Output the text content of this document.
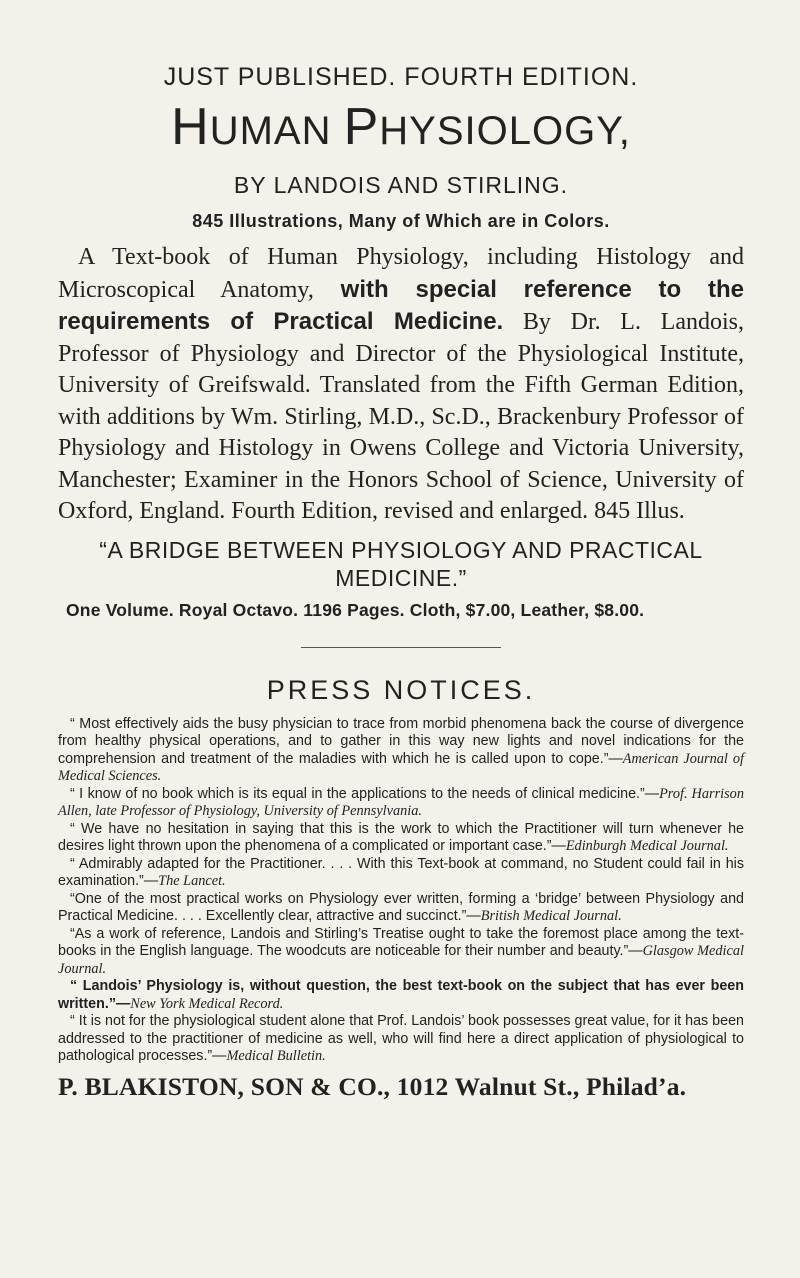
JUST PUBLISHED. FOURTH EDITION.
HUMAN PHYSIOLOGY,
BY LANDOIS AND STIRLING.
845 Illustrations, Many of Which are in Colors.
A Text-book of Human Physiology, including Histology and Microscopical Anatomy, with special reference to the requirements of Practical Medicine. By Dr. L. Landois, Professor of Physiology and Director of the Physiological Institute, University of Greifswald. Translated from the Fifth German Edition, with additions by Wm. Stirling, M.D., Sc.D., Brackenbury Professor of Physiology and Histology in Owens College and Victoria University, Manchester; Examiner in the Honors School of Science, University of Oxford, England. Fourth Edition, revised and enlarged. 845 Illus.
“A BRIDGE BETWEEN PHYSIOLOGY AND PRACTICAL MEDICINE.”
One Volume. Royal Octavo. 1196 Pages. Cloth, $7.00, Leather, $8.00.
PRESS NOTICES.

“ Most effectively aids the busy physician to trace from morbid phenomena back the course of divergence from healthy physical operations, and to gather in this way new lights and novel indications for the comprehension and treatment of the maladies with which he is called upon to cope.”—American Journal of Medical Sciences.

“ I know of no book which is its equal in the applications to the needs of clinical medicine.”—Prof. Harrison Allen, late Professor of Physiology, University of Pennsylvania.

“ We have no hesitation in saying that this is the work to which the Practitioner will turn whenever he desires light thrown upon the phenomena of a complicated or important case.”—Edinburgh Medical Journal.

“ Admirably adapted for the Practitioner. . . . With this Text-book at command, no Student could fail in his examination.”—The Lancet.

“One of the most practical works on Physiology ever written, forming a ‘bridge’ between Physiology and Practical Medicine. . . . Excellently clear, attractive and succinct.”—British Medical Journal.

“As a work of reference, Landois and Stirling’s Treatise ought to take the foremost place among the text-books in the English language. The woodcuts are noticeable for their number and beauty.”—Glasgow Medical Journal.

“ Landois’ Physiology is, without question, the best text-book on the subject that has ever been written.”—New York Medical Record.

“ It is not for the physiological student alone that Prof. Landois’ book possesses great value, for it has been addressed to the practitioner of medicine as well, who will find here a direct application of physiological to pathological processes.”—Medical Bulletin.

P. BLAKISTON, SON & CO., 1012 Walnut St., Philad’a.
